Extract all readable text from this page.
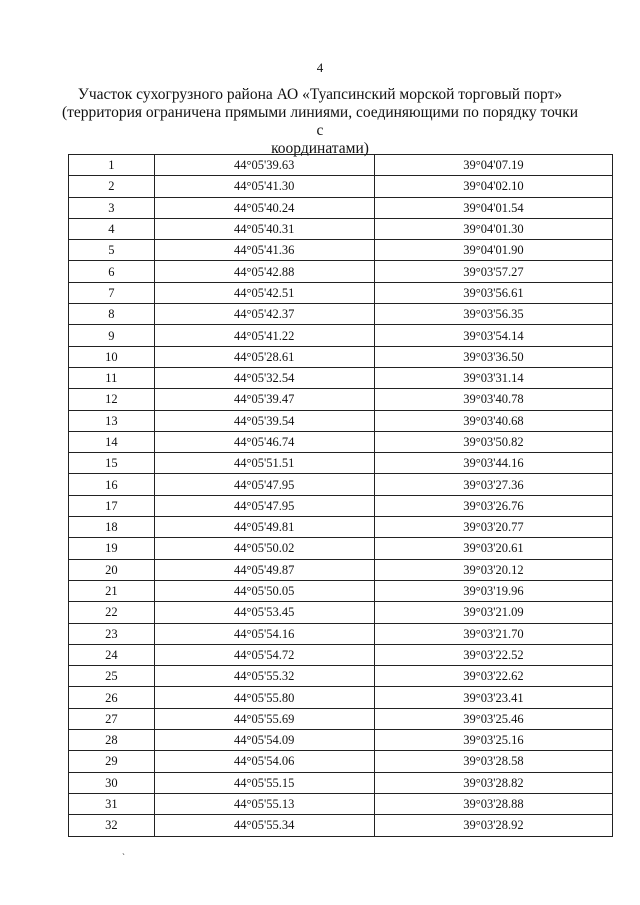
4
Участок сухогрузного района АО «Туапсинский морской торговый порт»
(территория ограничена прямыми линиями, соединяющими по порядку точки с
координатами)
1	44°05'39.63	39°04'07.19
2	44°05'41.30	39°04'02.10
3	44°05'40.24	39°04'01.54
4	44°05'40.31	39°04'01.30
5	44°05'41.36	39°04'01.90
6	44°05'42.88	39°03'57.27
7	44°05'42.51	39°03'56.61
8	44°05'42.37	39°03'56.35
9	44°05'41.22	39°03'54.14
10	44°05'28.61	39°03'36.50
11	44°05'32.54	39°03'31.14
12	44°05'39.47	39°03'40.78
13	44°05'39.54	39°03'40.68
14	44°05'46.74	39°03'50.82
15	44°05'51.51	39°03'44.16
16	44°05'47.95	39°03'27.36
17	44°05'47.95	39°03'26.76
18	44°05'49.81	39°03'20.77
19	44°05'50.02	39°03'20.61
20	44°05'49.87	39°03'20.12
21	44°05'50.05	39°03'19.96
22	44°05'53.45	39°03'21.09
23	44°05'54.16	39°03'21.70
24	44°05'54.72	39°03'22.52
25	44°05'55.32	39°03'22.62
26	44°05'55.80	39°03'23.41
27	44°05'55.69	39°03'25.46
28	44°05'54.09	39°03'25.16
29	44°05'54.06	39°03'28.58
30	44°05'55.15	39°03'28.82
31	44°05'55.13	39°03'28.88
32	44°05'55.34	39°03'28.92
`
